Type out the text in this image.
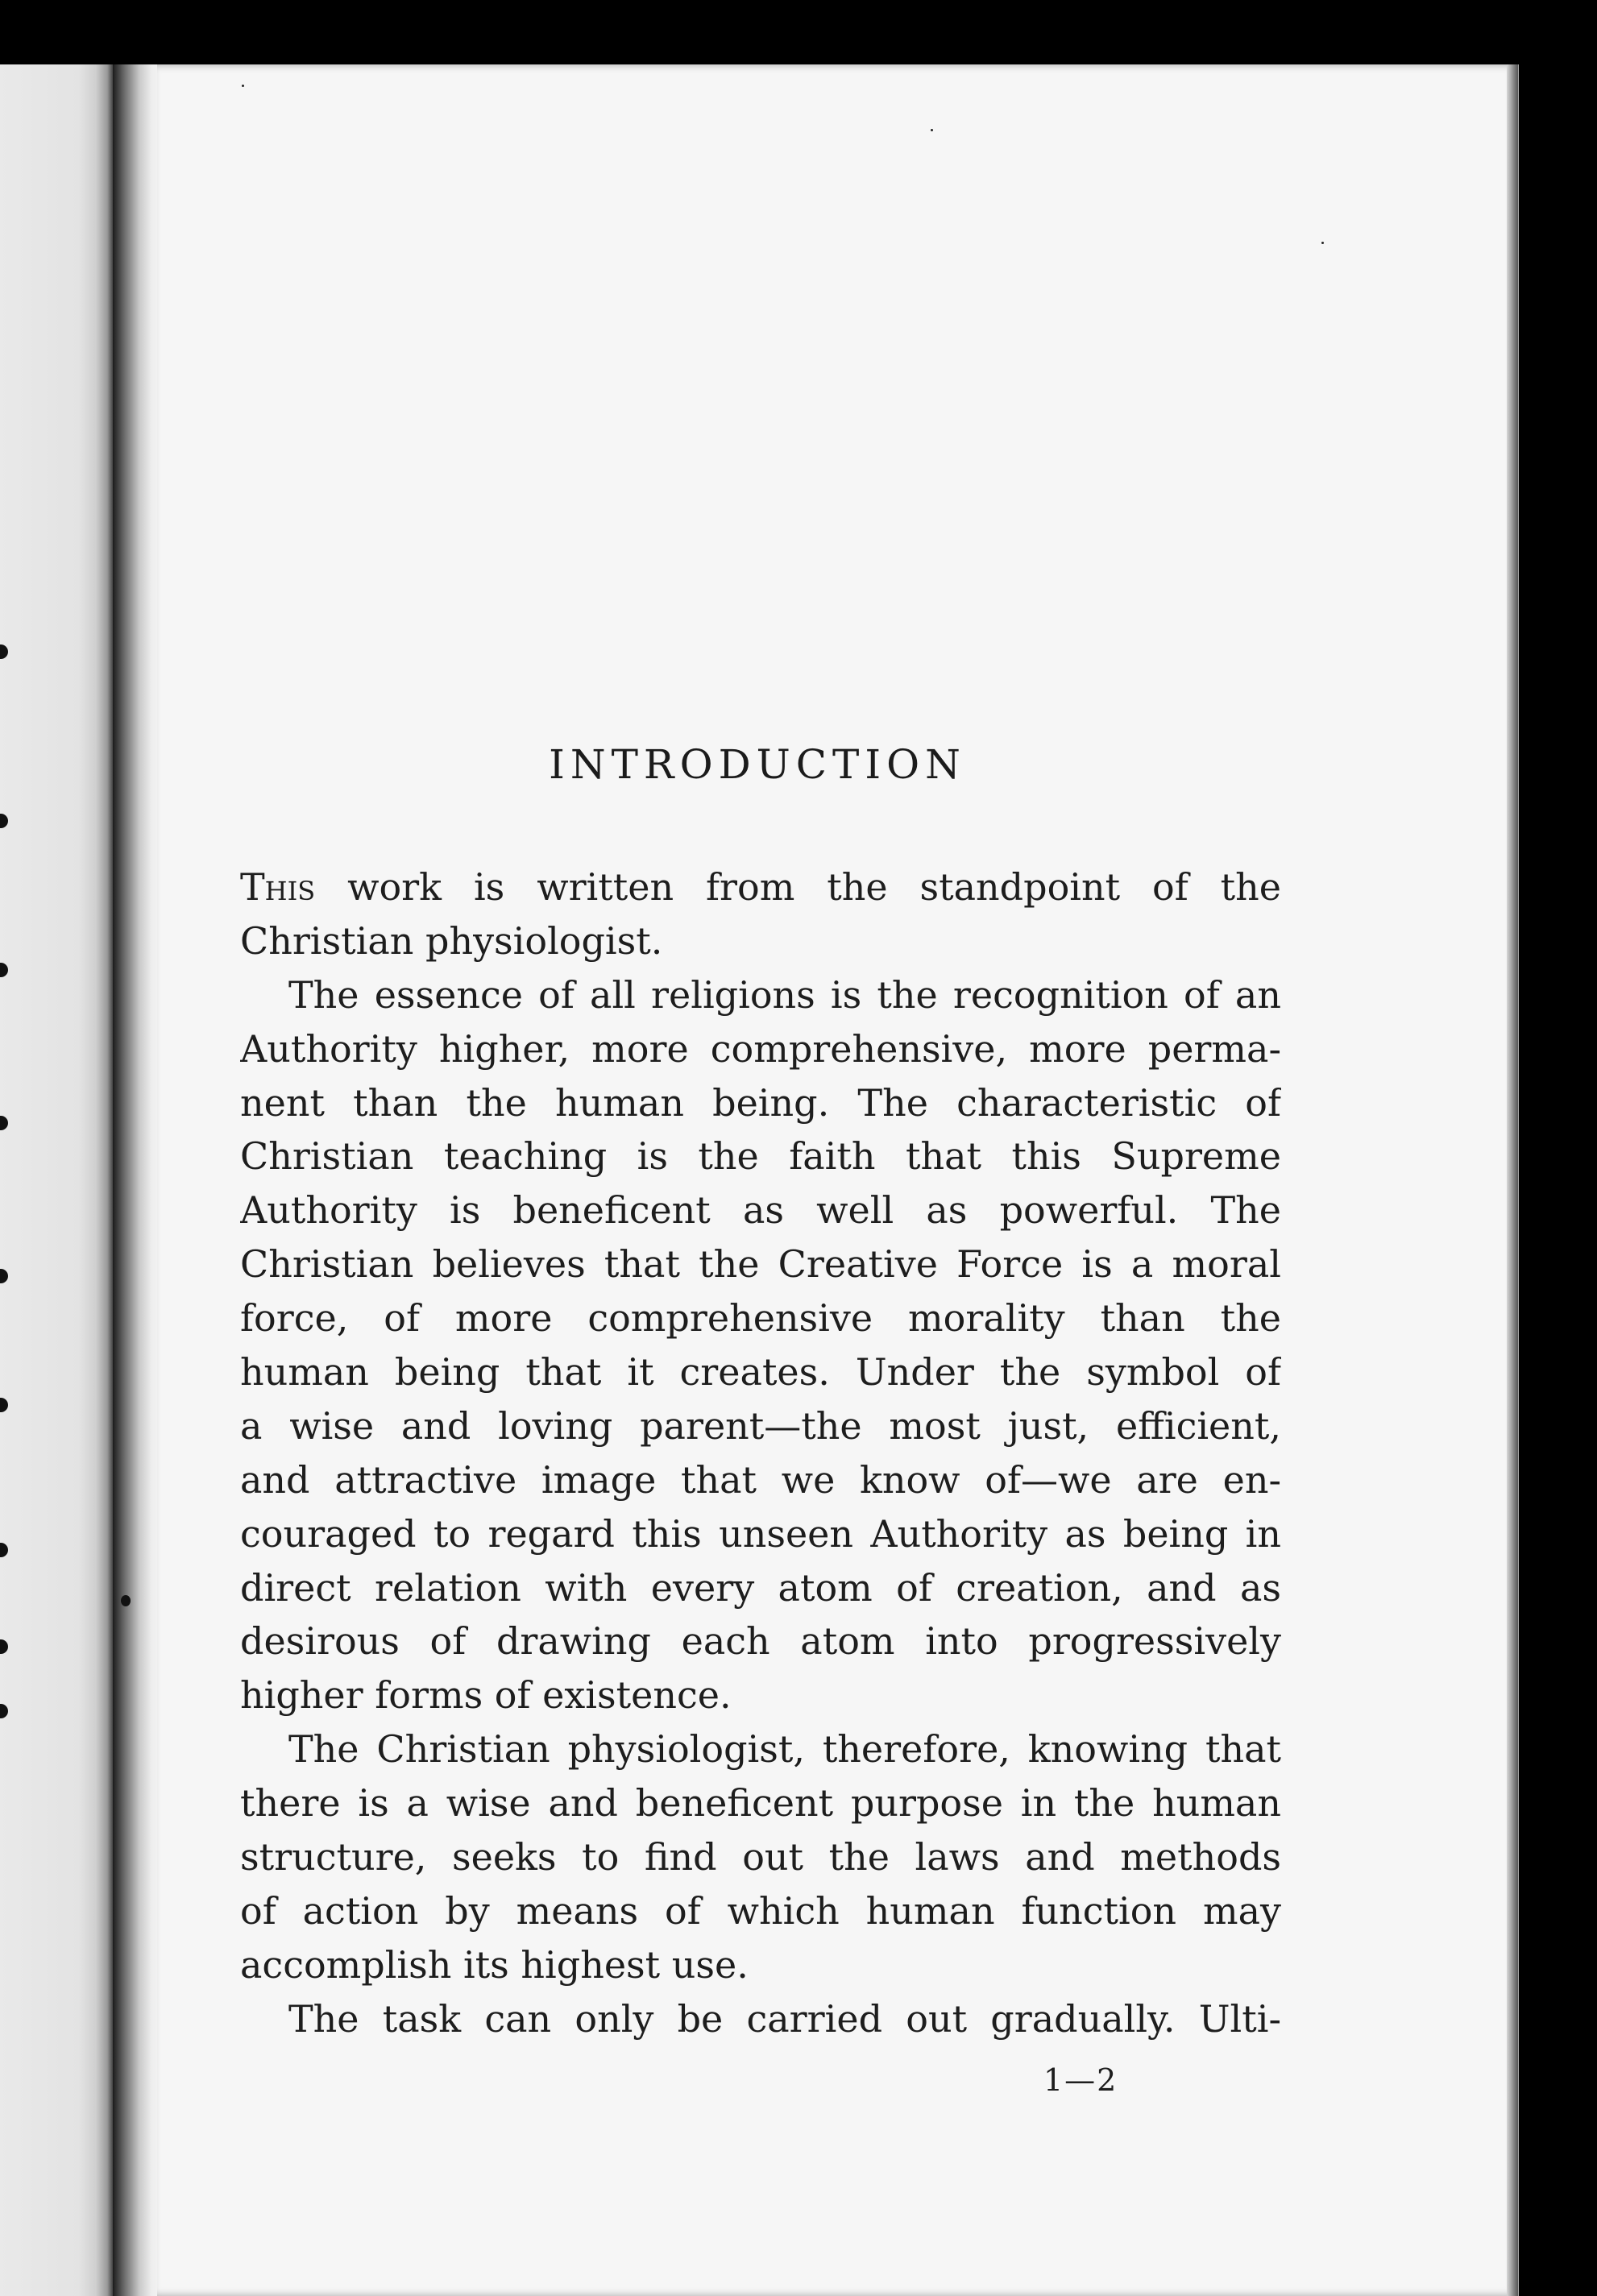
INTRODUCTION
This work is written from the standpoint of the
Christian physiologist.
The essence of all religions is the recognition of an
Authority higher, more comprehensive, more perma-
nent than the human being. The characteristic of
Christian teaching is the faith that this Supreme
Authority is beneficent as well as powerful. The
Christian believes that the Creative Force is a moral
force, of more comprehensive morality than the
human being that it creates. Under the symbol of
a wise and loving parent—the most just, efficient,
and attractive image that we know of—we are en-
couraged to regard this unseen Authority as being in
direct relation with every atom of creation, and as
desirous of drawing each atom into progressively
higher forms of existence.
The Christian physiologist, therefore, knowing that
there is a wise and beneficent purpose in the human
structure, seeks to find out the laws and methods
of action by means of which human function may
accomplish its highest use.
The task can only be carried out gradually. Ulti-
1—2
